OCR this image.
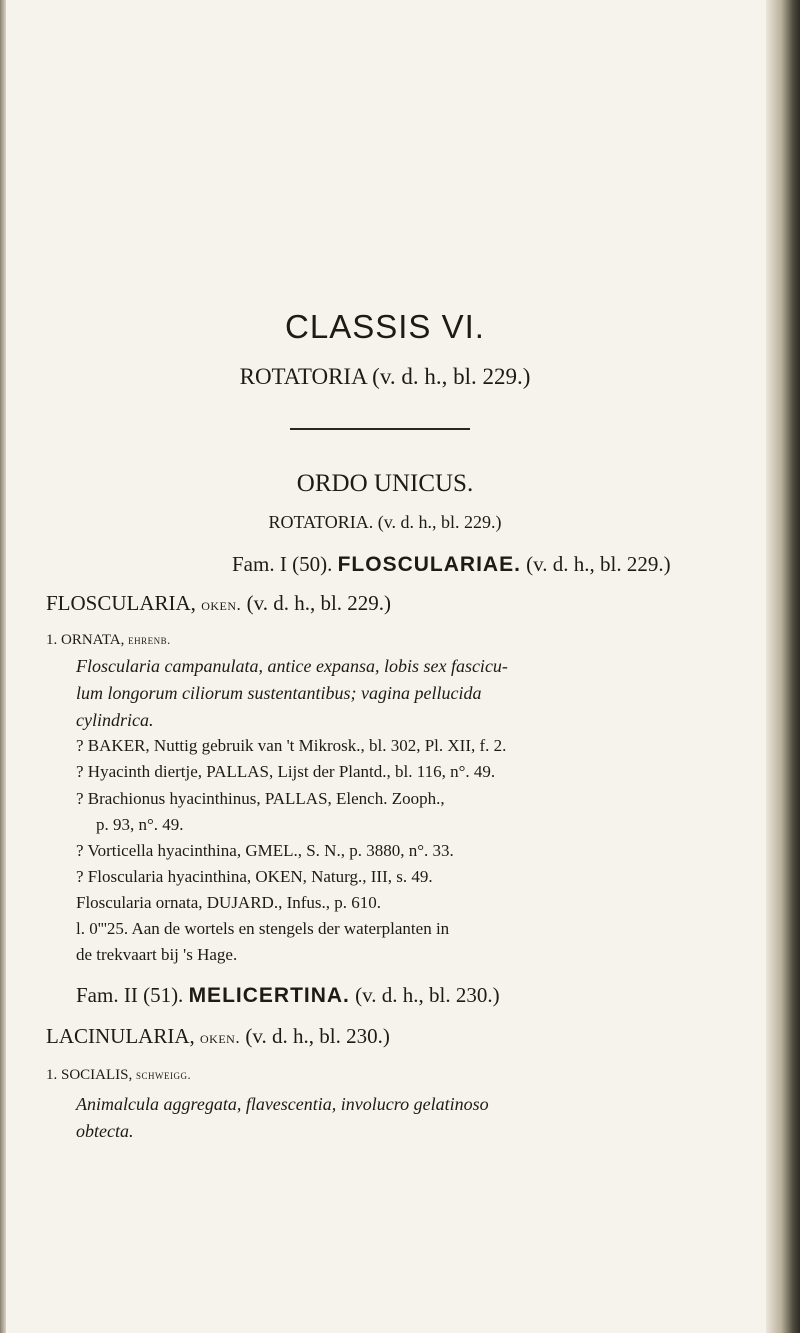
CLASSIS VI.
ROTATORIA (v. d. h., bl. 229.)
ORDO UNICUS.
ROTATORIA. (v. d. h., bl. 229.)
Fam. I (50). FLOSCULARIAE. (v. d. h., bl. 229.)
FLOSCULARIA, oken. (v. d. h., bl. 229.)
1. ORNATA, ehrenb.
Floscularia campanulata, antice expansa, lobis sex fascicu-
lum longorum ciliorum sustentantibus; vagina pellucida
cylindrica.
? BAKER, Nuttig gebruik van 't Mikrosk., bl. 302, Pl. XII, f. 2.
? Hyacinth diertje, PALLAS, Lijst der Plantd., bl. 116, n°. 49.
? Brachionus hyacinthinus, PALLAS, Elench. Zooph.,
p. 93, n°. 49.
? Vorticella hyacinthina, GMEL., S. N., p. 3880, n°. 33.
? Floscularia hyacinthina, OKEN, Naturg., III, s. 49.
Floscularia ornata, DUJARD., Infus., p. 610.
l. 0'''25. Aan de wortels en stengels der waterplanten in
de trekvaart bij 's Hage.
Fam. II (51). MELICERTINA. (v. d. h., bl. 230.)
LACINULARIA, oken. (v. d. h., bl. 230.)
1. SOCIALIS, schweigg.
Animalcula aggregata, flavescentia, involucro gelatinoso
obtecta.
